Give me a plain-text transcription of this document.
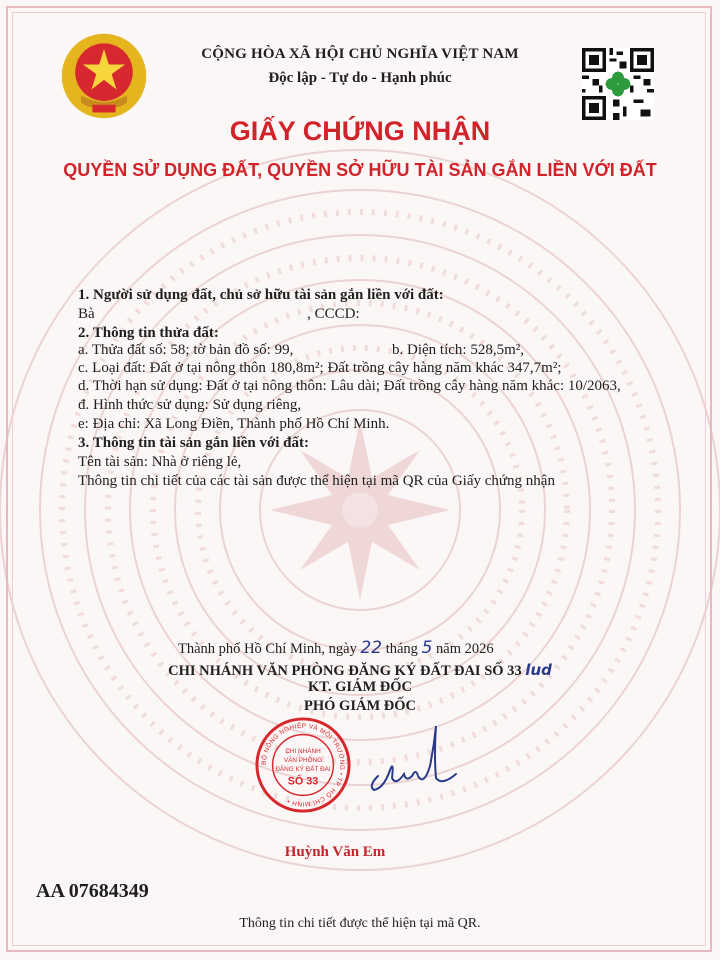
CỘNG HÒA XÃ HỘI CHỦ NGHĨA VIỆT NAM
Độc lập - Tự do - Hạnh phúc
GIẤY CHỨNG NHẬN
QUYỀN SỬ DỤNG ĐẤT, QUYỀN SỞ HỮU TÀI SẢN GẮN LIỀN VỚI ĐẤT
1. Người sử dụng đất, chủ sở hữu tài sản gắn liền với đất:
Bà	, CCCD:
2. Thông tin thửa đất:
a. Thửa đất số: 58; tờ bản đồ số: 99,	b. Diện tích: 528,5m²,
c. Loại đất: Đất ở tại nông thôn 180,8m²; Đất trồng cây hàng năm khác 347,7m²;
d. Thời hạn sử dụng: Đất ở tại nông thôn: Lâu dài; Đất trồng cây hàng năm khác: 10/2063,
đ. Hình thức sử dụng: Sử dụng riêng,
e: Địa chỉ: Xã Long Điền, Thành phố Hồ Chí Minh.
3. Thông tin tài sản gắn liền với đất:
Tên tài sản: Nhà ở riêng lẻ,
Thông tin chi tiết của các tài sản được thể hiện tại mã QR của Giấy chứng nhận
Thành phố Hồ Chí Minh, ngày 22 tháng 5 năm 2026
CHI NHÁNH VĂN PHÒNG ĐĂNG KÝ ĐẤT ĐAI SỐ 33 lud
KT. GIÁM ĐỐC
PHÓ GIÁM ĐỐC
BỘ NÔNG NGHIỆP VÀ MÔI TRƯỜNG • TP. HỒ CHÍ MINH •
CHI NHÁNH
VĂN PHÒNG
ĐĂNG KÝ ĐẤT ĐAI
SỐ 33
Huỳnh Văn Em
AA 07684349
Thông tin chi tiết được thể hiện tại mã QR.
